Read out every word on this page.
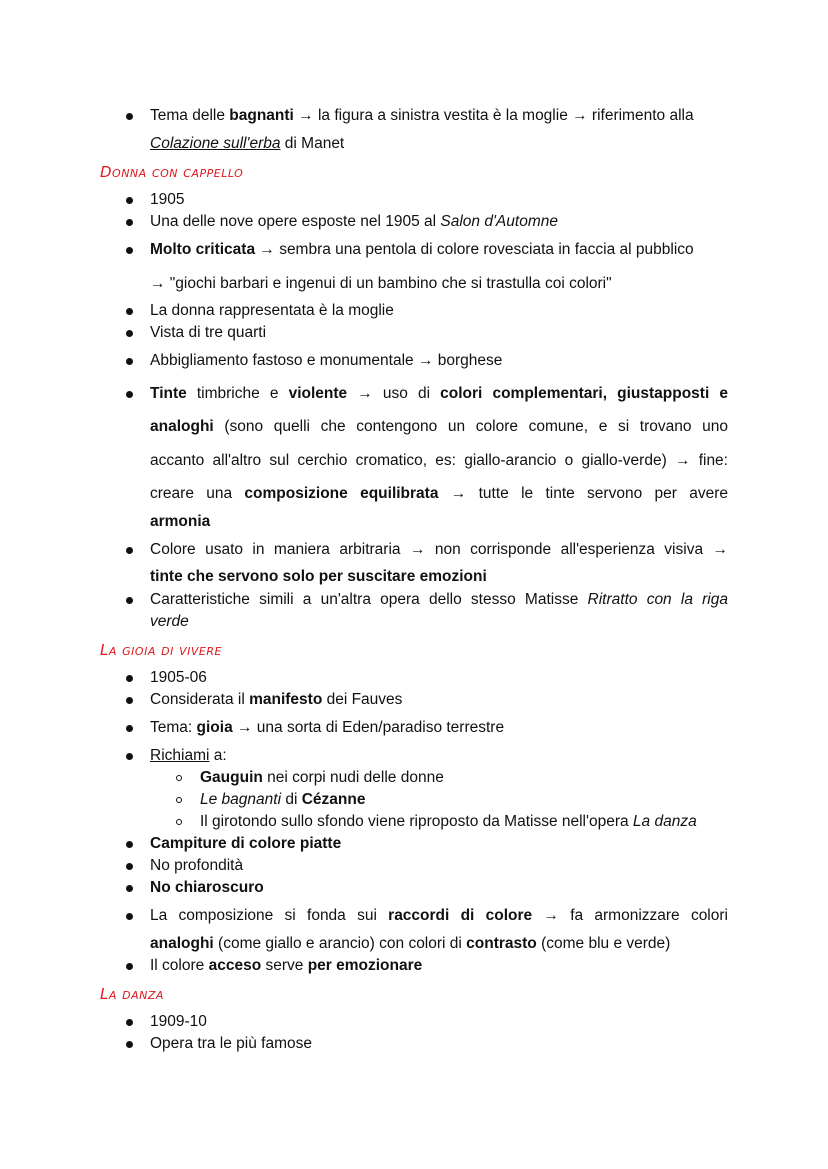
Tema delle bagnanti → la figura a sinistra vestita è la moglie → riferimento alla
Colazione sull'erba di Manet
Donna con cappello
1905
Una delle nove opere esposte nel 1905 al Salon d'Automne
Molto criticata → sembra una pentola di colore rovesciata in faccia al pubblico
→ "giochi barbari e ingenui di un bambino che si trastulla coi colori"
La donna rappresentata è la moglie
Vista di tre quarti
Abbigliamento fastoso e monumentale → borghese
Tinte timbriche e violente → uso di colori complementari, giustapposti e
analoghi (sono quelli che contengono un colore comune, e si trovano uno
accanto all'altro sul cerchio cromatico, es: giallo-arancio o giallo-verde) → fine:
creare una composizione equilibrata → tutte le tinte servono per avere
armonia
Colore usato in maniera arbitraria → non corrisponde all'esperienza visiva →
tinte che servono solo per suscitare emozioni
Caratteristiche simili a un'altra opera dello stesso Matisse Ritratto con la riga
verde
La gioia di vivere
1905-06
Considerata il manifesto dei Fauves
Tema: gioia → una sorta di Eden/paradiso terrestre
Richiami a:
Gauguin nei corpi nudi delle donne
Le bagnanti di Cézanne
Il girotondo sullo sfondo viene riproposto da Matisse nell'opera La danza
Campiture di colore piatte
No profondità
No chiaroscuro
La composizione si fonda sui raccordi di colore → fa armonizzare colori
analoghi (come giallo e arancio) con colori di contrasto (come blu e verde)
Il colore acceso serve per emozionare
La danza
1909-10
Opera tra le più famose
